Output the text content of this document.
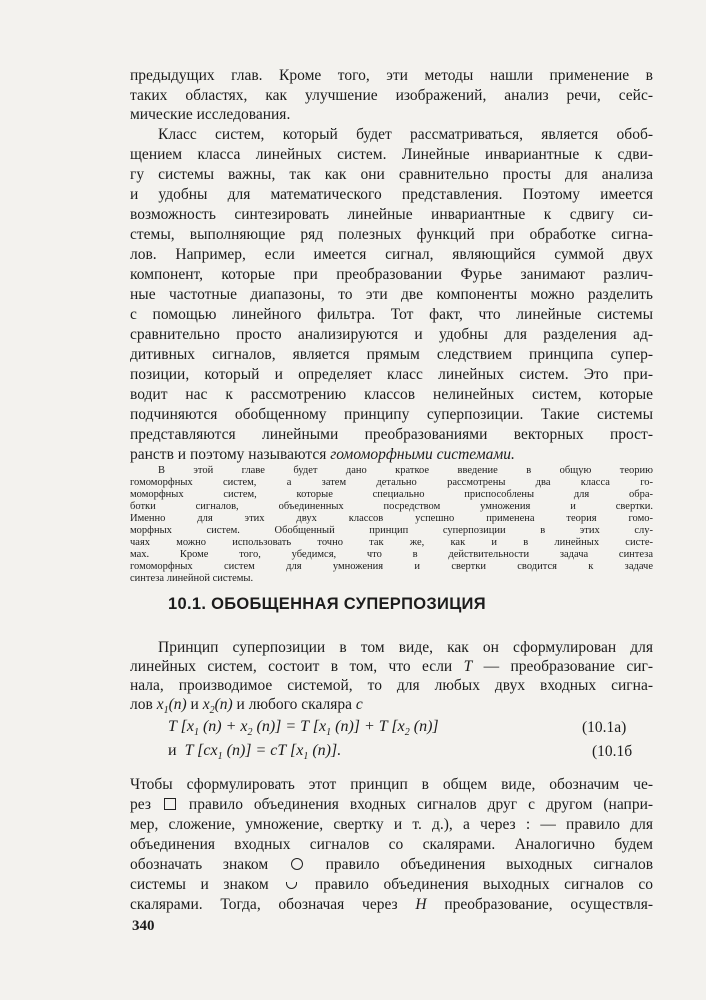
предыдущих глав. Кроме того, эти методы нашли применение в
таких областях, как улучшение изображений, анализ речи, сейс-
мические исследования.
Класс систем, который будет рассматриваться, является обоб-
щением класса линейных систем. Линейные инвариантные к сдви-
гу системы важны, так как они сравнительно просты для анализа
и удобны для математического представления. Поэтому имеется
возможность синтезировать линейные инвариантные к сдвигу си-
стемы, выполняющие ряд полезных функций при обработке сигна-
лов. Например, если имеется сигнал, являющийся суммой двух
компонент, которые при преобразовании Фурье занимают различ-
ные частотные диапазоны, то эти две компоненты можно разделить
с помощью линейного фильтра. Тот факт, что линейные системы
сравнительно просто анализируются и удобны для разделения ад-
дитивных сигналов, является прямым следствием принципа супер-
позиции, который и определяет класс линейных систем. Это при-
водит нас к рассмотрению классов нелинейных систем, которые
подчиняются обобщенному принципу суперпозиции. Такие системы
представляются линейными преобразованиями векторных прост-
ранств и поэтому называются гомоморфными системами.
В этой главе будет дано краткое введение в общую теорию
гомоморфных систем, а затем детально рассмотрены два класса го-
моморфных систем, которые специально приспособлены для обра-
ботки сигналов, объединенных посредством умножения и свертки.
Именно для этих двух классов успешно применена теория гомо-
морфных систем. Обобщенный принцип суперпозиции в этих слу-
10.1. ОБОБЩЕННАЯ СУПЕРПОЗИЦИЯ
Принцип суперпозиции в том виде, как он сформулирован для
линейных систем, состоит в том, что если T — преобразование сиг-
нала, производимое системой, то для любых двух входных сигна-
лов $x_1(n)$ и $x_2(n)$ и любого скаляра c
T [$x_1$ $(n) + x_2$ (n)] = T [$x_1$ (n)] + T [$x_2$ (n)]	(10.1а)
и T [$cx_1$ (n)] = cT [$x_1$ (n)].	(10.1б
Чтобы сформулировать этот принцип в общем виде, обозначим че-
рез правило объединения входных сигналов друг с другом (напри-
мер, сложение, умножение, свертку и т. д.), а через : — правило для
объединения входных сигналов со скалярами. Аналогично будем
обозначать знаком	правило объединения выходных сигналов
системы и знаком	правило объединения выходных сигналов со
скалярами. Тогда, обозначая через H преобразование, осуществля-
340
чаях можно использовать точно так же, как и в линейных систе-
мах. Кроме того, убедимся, что в действительности задача синтеза
гомоморфных систем для умножения и свертки сводится к задаче
синтеза линейной системы.
